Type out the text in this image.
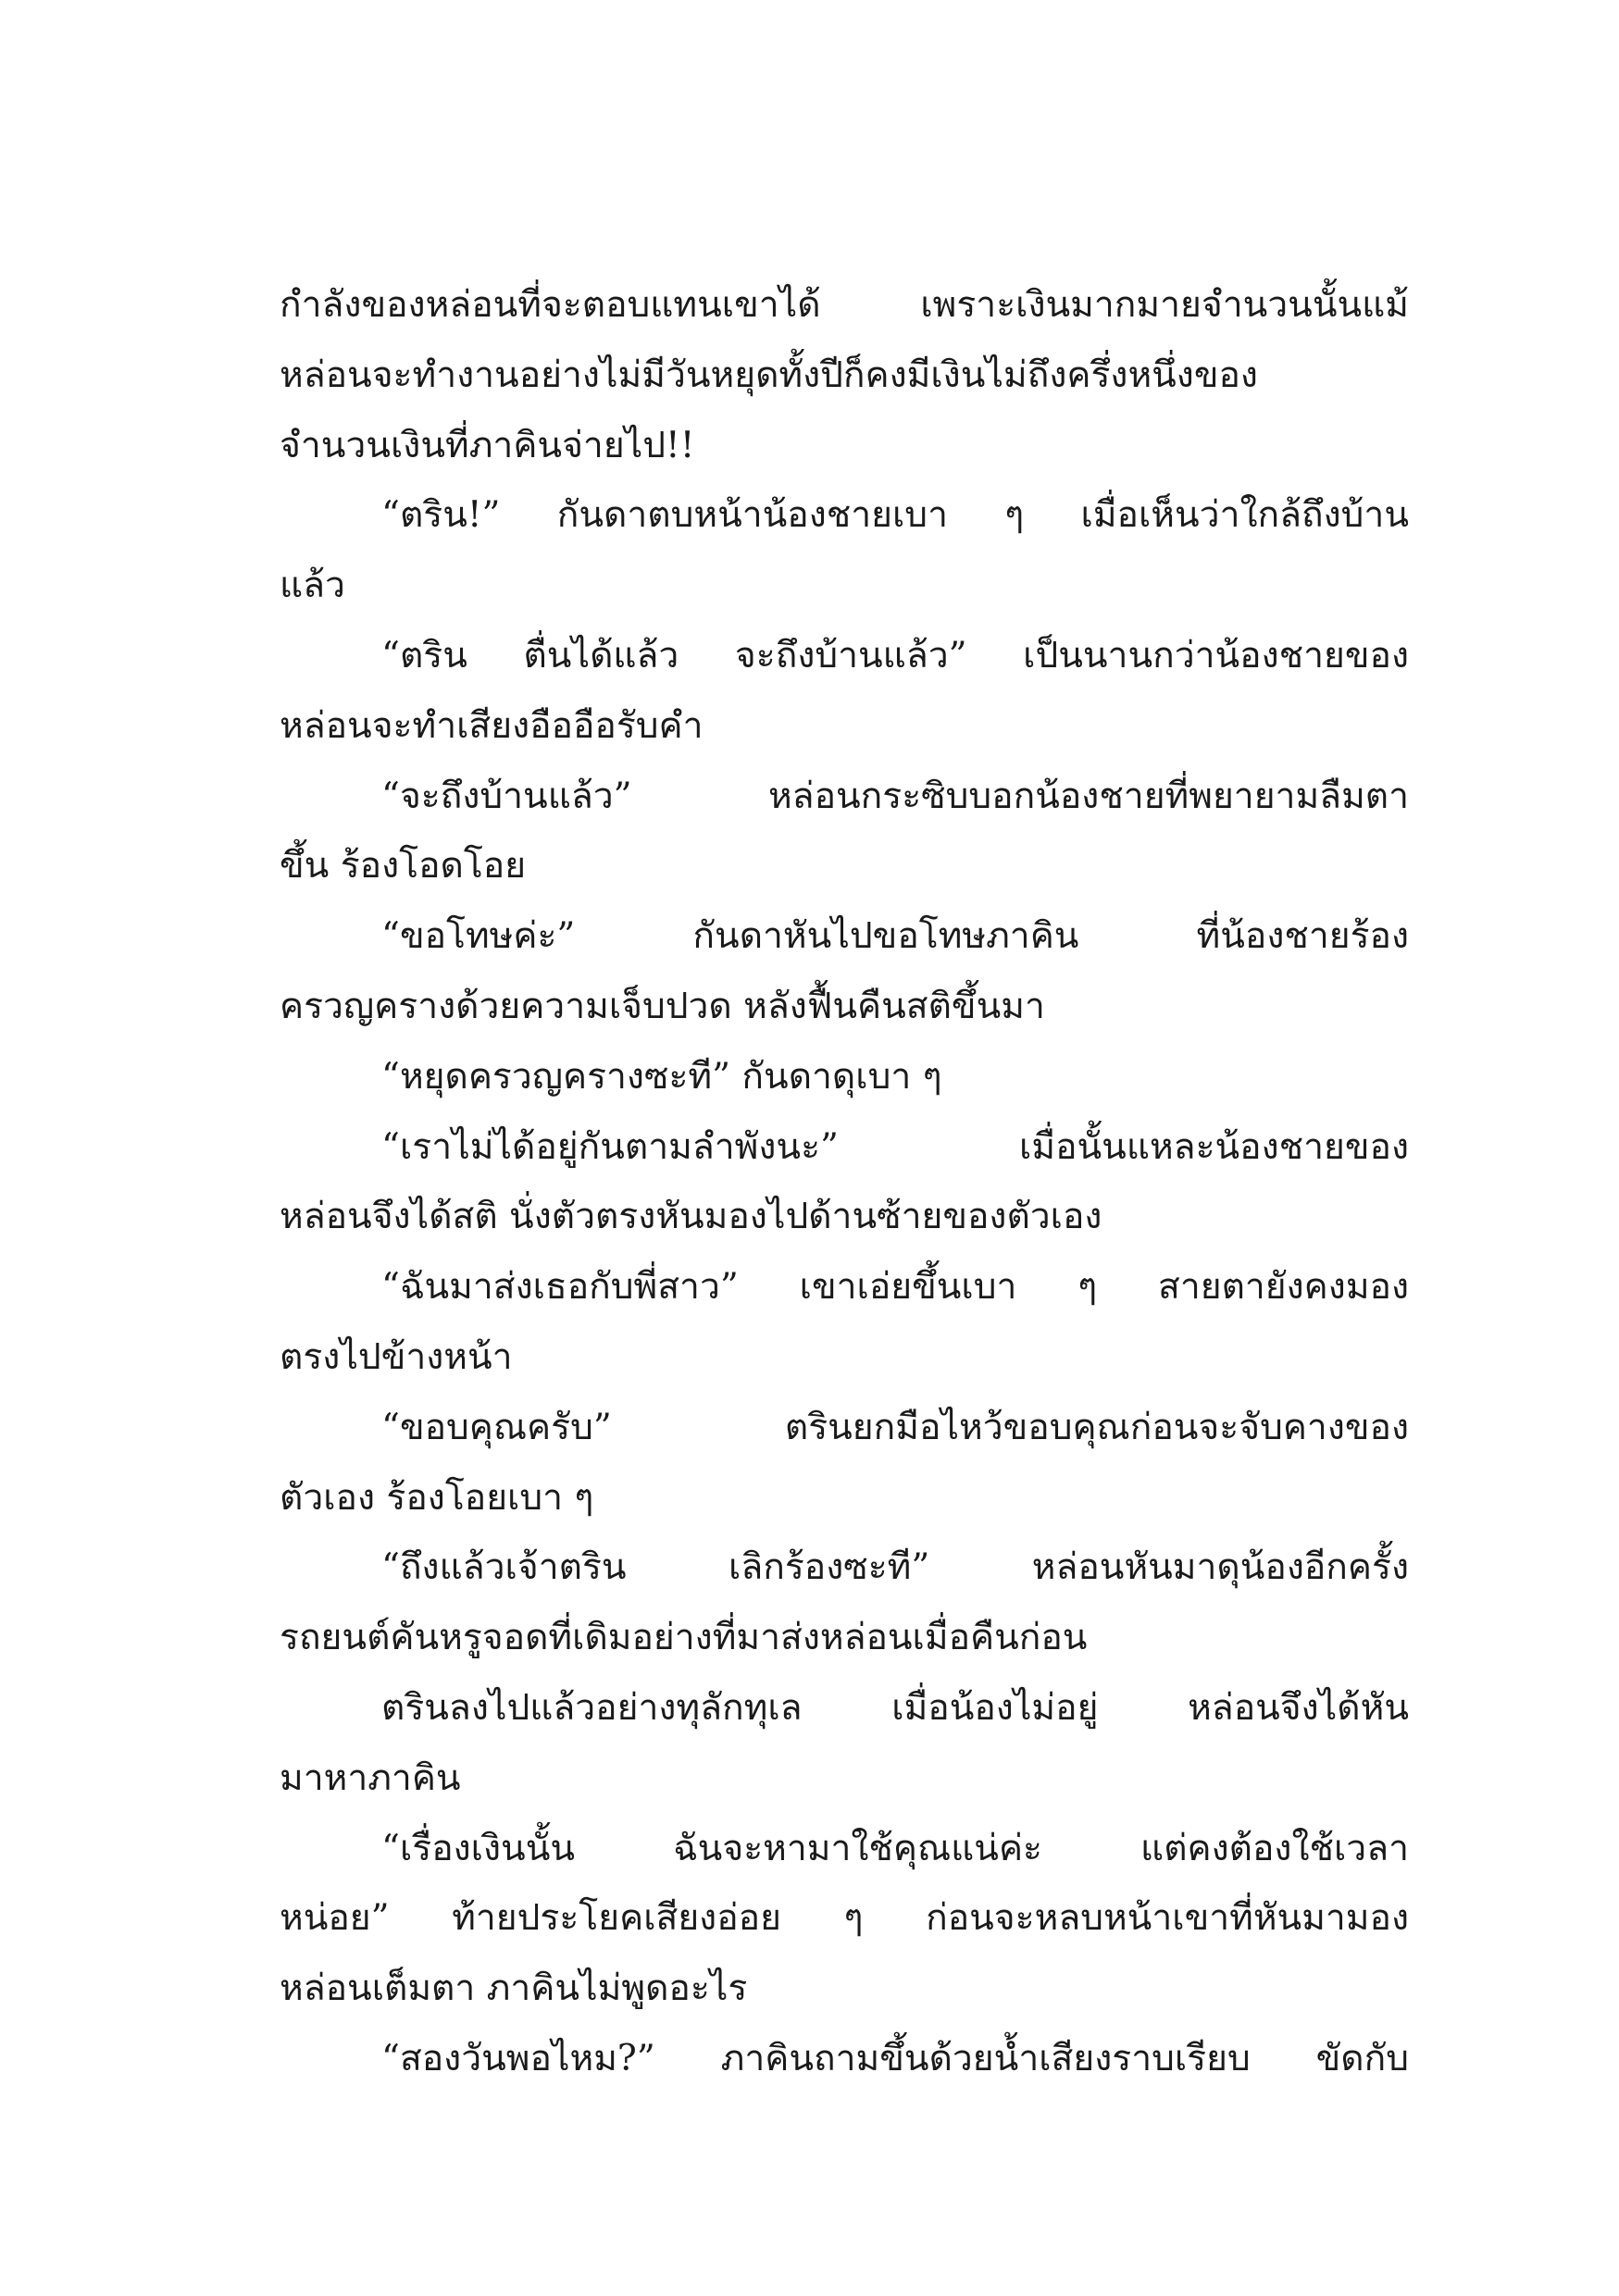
กำลังของหล่อนที่จะตอบแทนเขาได้ เพราะเงินมากมายจำนวนนั้นแม้
หล่อนจะทำงานอย่างไม่มีวันหยุดทั้งปีก็คงมีเงินไม่ถึงครึ่งหนึ่งของ
จำนวนเงินที่ภาคินจ่ายไป!!
“ตริน!” กันดาตบหน้าน้องชายเบา ๆ เมื่อเห็นว่าใกล้ถึงบ้าน
แล้ว
“ตริน ตื่นได้แล้ว จะถึงบ้านแล้ว” เป็นนานกว่าน้องชายของ
หล่อนจะทำเสียงอืออือรับคำ
“จะถึงบ้านแล้ว” หล่อนกระซิบบอกน้องชายที่พยายามลืมตา
ขึ้น ร้องโอดโอย
“ขอโทษค่ะ” กันดาหันไปขอโทษภาคิน ที่น้องชายร้อง
ครวญครางด้วยความเจ็บปวด หลังฟื้นคืนสติขึ้นมา
“หยุดครวญครางซะที” กันดาดุเบา ๆ
“เราไม่ได้อยู่กันตามลำพังนะ” เมื่อนั้นแหละน้องชายของ
หล่อนจึงได้สติ นั่งตัวตรงหันมองไปด้านซ้ายของตัวเอง
“ฉันมาส่งเธอกับพี่สาว” เขาเอ่ยขึ้นเบา ๆ สายตายังคงมอง
ตรงไปข้างหน้า
“ขอบคุณครับ” ตรินยกมือไหว้ขอบคุณก่อนจะจับคางของ
ตัวเอง ร้องโอยเบา ๆ
“ถึงแล้วเจ้าตริน เลิกร้องซะที” หล่อนหันมาดุน้องอีกครั้ง
รถยนต์คันหรูจอดที่เดิมอย่างที่มาส่งหล่อนเมื่อคืนก่อน
ตรินลงไปแล้วอย่างทุลักทุเล เมื่อน้องไม่อยู่ หล่อนจึงได้หัน
มาหาภาคิน
“เรื่องเงินนั้น ฉันจะหามาใช้คุณแน่ค่ะ แต่คงต้องใช้เวลา
หน่อย” ท้ายประโยคเสียงอ่อย ๆ ก่อนจะหลบหน้าเขาที่หันมามอง
หล่อนเต็มตา ภาคินไม่พูดอะไร
“สองวันพอไหม?” ภาคินถามขึ้นด้วยน้ำเสียงราบเรียบ ขัดกับ
